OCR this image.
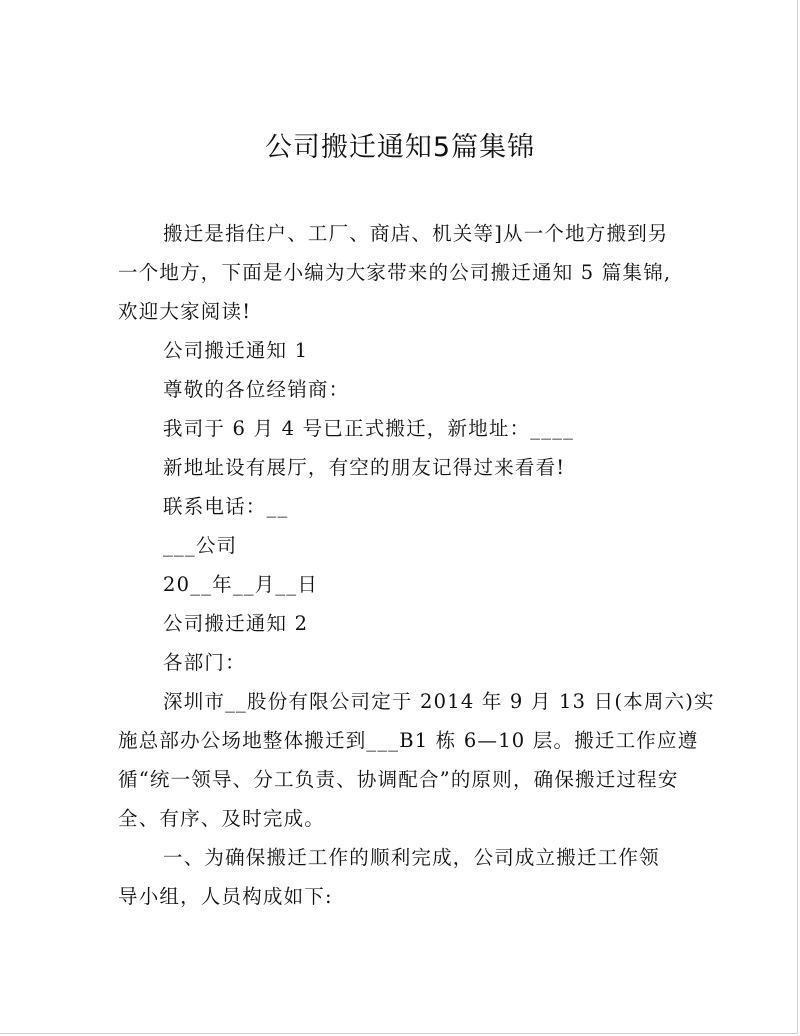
公司搬迁通知5篇集锦

搬迁是指住户、工厂、商店、机关等]从一个地方搬到另

一个地方，下面是小编为大家带来的公司搬迁通知 5 篇集锦,

欢迎大家阅读!

公司搬迁通知 1

尊敬的各位经销商：

我司于 6 月 4 号已正式搬迁，新地址：____

新地址设有展厅，有空的朋友记得过来看看!

联系电话：__

___公司

20__年__月__日

公司搬迁通知 2

各部门：

深圳市__股份有限公司定于 2014 年 9 月 13 日(本周六)实

施总部办公场地整体搬迁到___B1 栋 6—10 层。搬迁工作应遵

循“统一领导、分工负责、协调配合”的原则，确保搬迁过程安

全、有序、及时完成。

一、为确保搬迁工作的顺利完成，公司成立搬迁工作领

导小组，人员构成如下:
